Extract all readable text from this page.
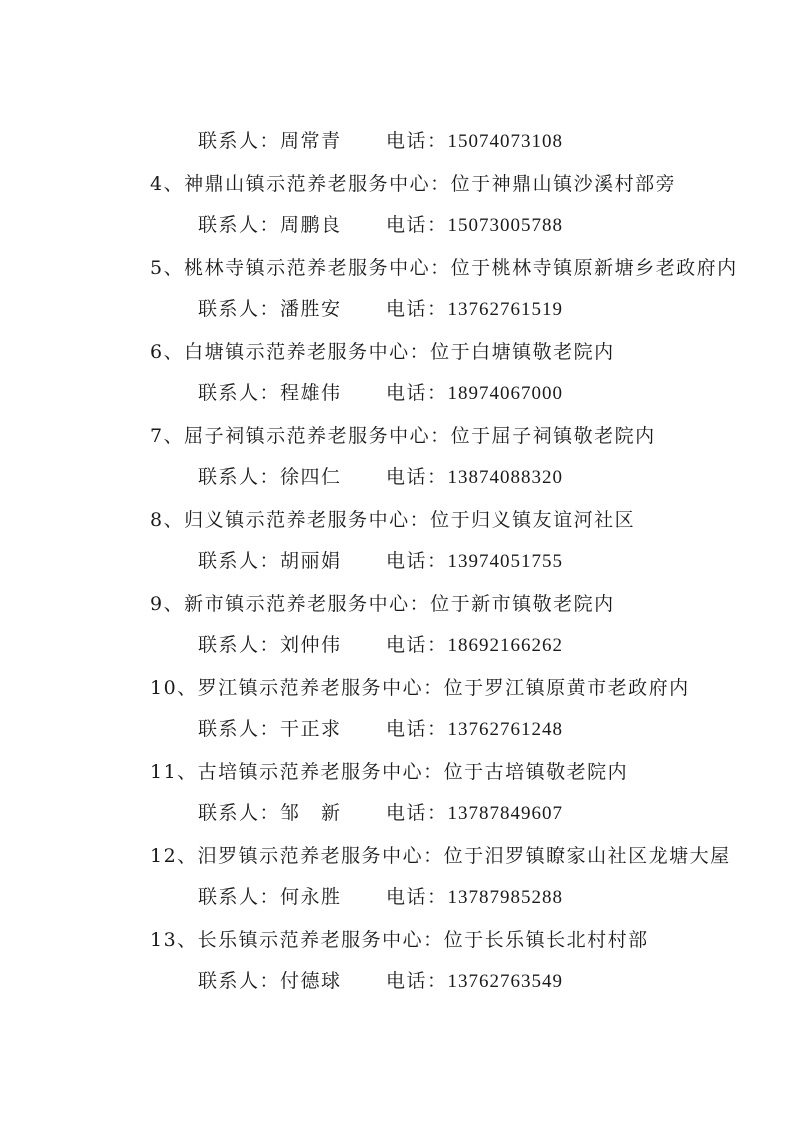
联系人：周常青 电话：15074073108
4、神鼎山镇示范养老服务中心：位于神鼎山镇沙溪村部旁
联系人：周鹏良 电话：15073005788
5、桃林寺镇示范养老服务中心：位于桃林寺镇原新塘乡老政府内
联系人：潘胜安 电话：13762761519
6、白塘镇示范养老服务中心：位于白塘镇敬老院内
联系人：程雄伟 电话：18974067000
7、屈子祠镇示范养老服务中心：位于屈子祠镇敬老院内
联系人：徐四仁 电话：13874088320
8、归义镇示范养老服务中心：位于归义镇友谊河社区
联系人：胡丽娟 电话：13974051755
9、新市镇示范养老服务中心：位于新市镇敬老院内
联系人：刘仲伟 电话：18692166262
10、罗江镇示范养老服务中心：位于罗江镇原黄市老政府内
联系人：干正求 电话：13762761248
11、古培镇示范养老服务中心：位于古培镇敬老院内
联系人：邹　新 电话：13787849607
12、汨罗镇示范养老服务中心：位于汨罗镇瞭家山社区龙塘大屋
联系人：何永胜 电话：13787985288
13、长乐镇示范养老服务中心：位于长乐镇长北村村部
联系人：付德球 电话：13762763549
